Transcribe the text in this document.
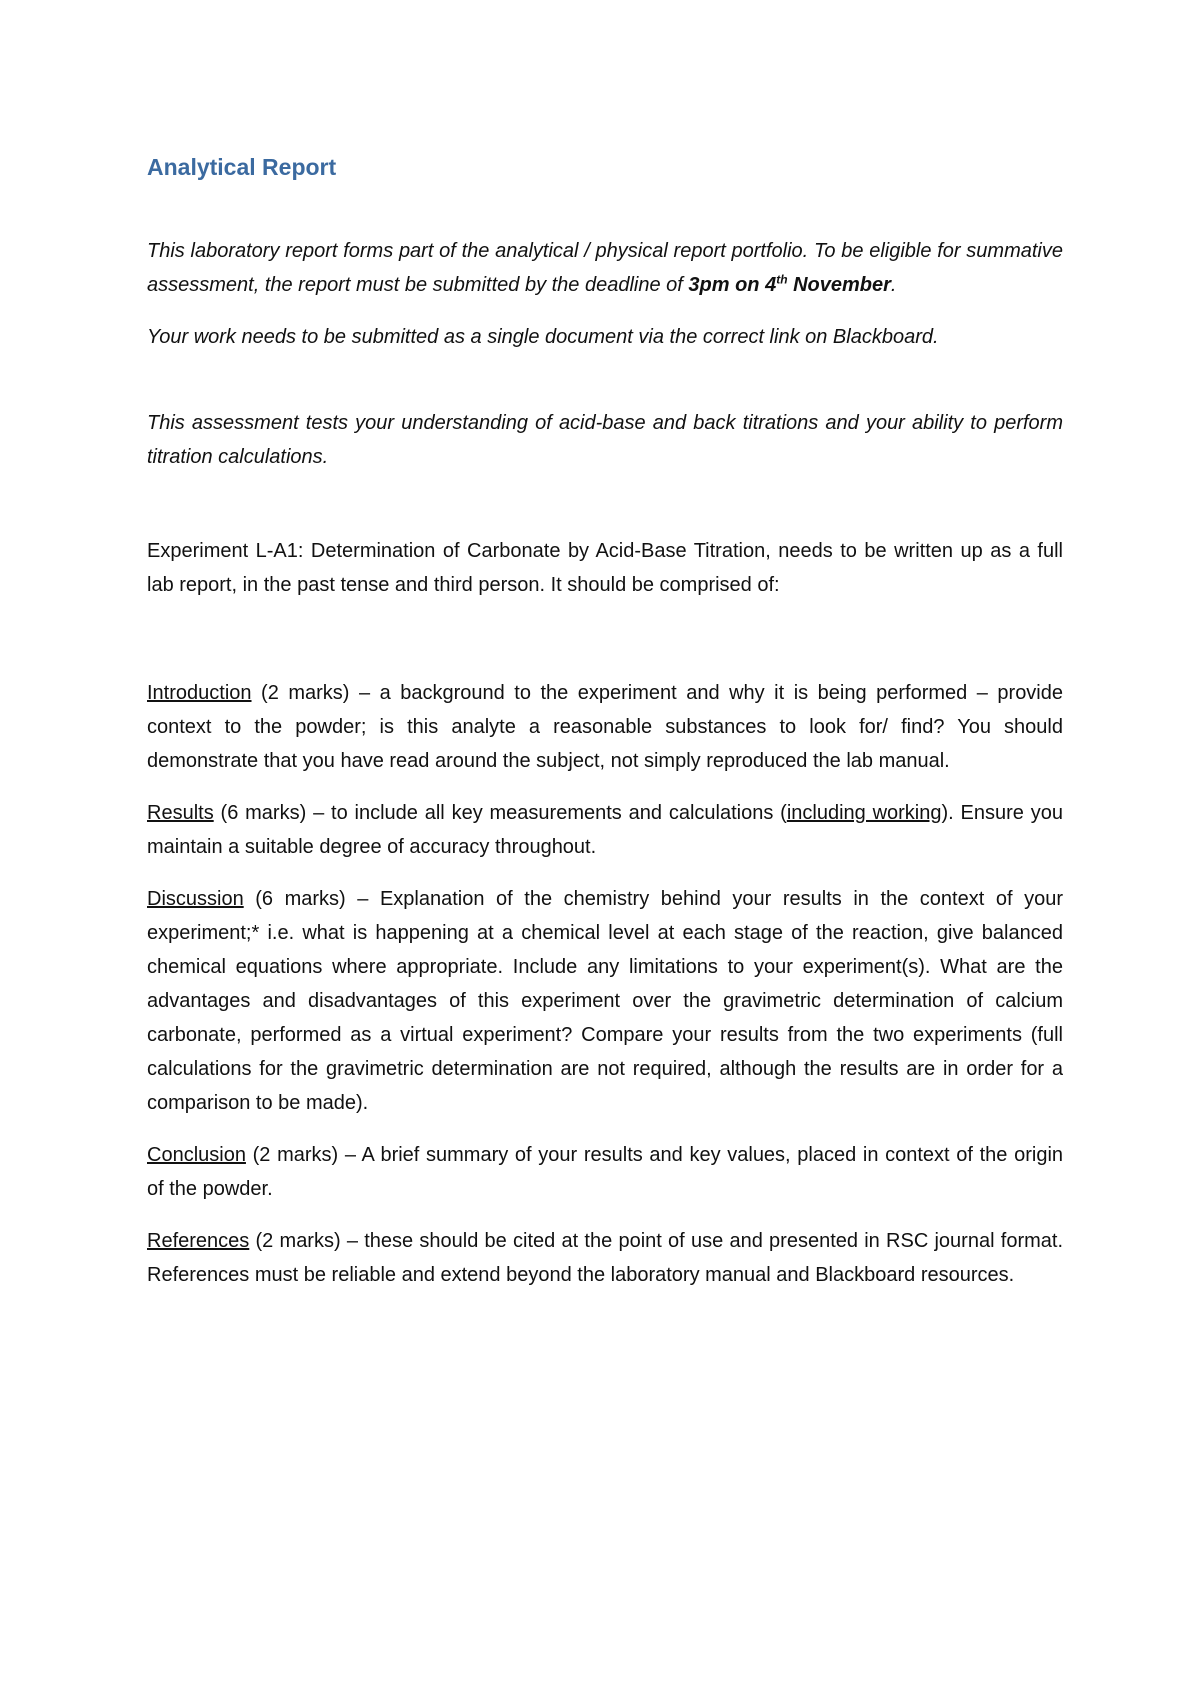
Analytical Report

This laboratory report forms part of the analytical / physical report portfolio. To be eligible for summative assessment, the report must be submitted by the deadline of 3pm on 4th November.

Your work needs to be submitted as a single document via the correct link on Blackboard.

This assessment tests your understanding of acid-base and back titrations and your ability to perform titration calculations.

Experiment L-A1: Determination of Carbonate by Acid-Base Titration, needs to be written up as a full lab report, in the past tense and third person. It should be comprised of:

Introduction (2 marks) – a background to the experiment and why it is being performed – provide context to the powder; is this analyte a reasonable substances to look for/ find? You should demonstrate that you have read around the subject, not simply reproduced the lab manual.

Results (6 marks) – to include all key measurements and calculations (including working). Ensure you maintain a suitable degree of accuracy throughout.

Discussion (6 marks) – Explanation of the chemistry behind your results in the context of your experiment;* i.e. what is happening at a chemical level at each stage of the reaction, give balanced chemical equations where appropriate. Include any limitations to your experiment(s). What are the advantages and disadvantages of this experiment over the gravimetric determination of calcium carbonate, performed as a virtual experiment? Compare your results from the two experiments (full calculations for the gravimetric determination are not required, although the results are in order for a comparison to be made).

Conclusion (2 marks) – A brief summary of your results and key values, placed in context of the origin of the powder.

References (2 marks) – these should be cited at the point of use and presented in RSC journal format. References must be reliable and extend beyond the laboratory manual and Blackboard resources.
